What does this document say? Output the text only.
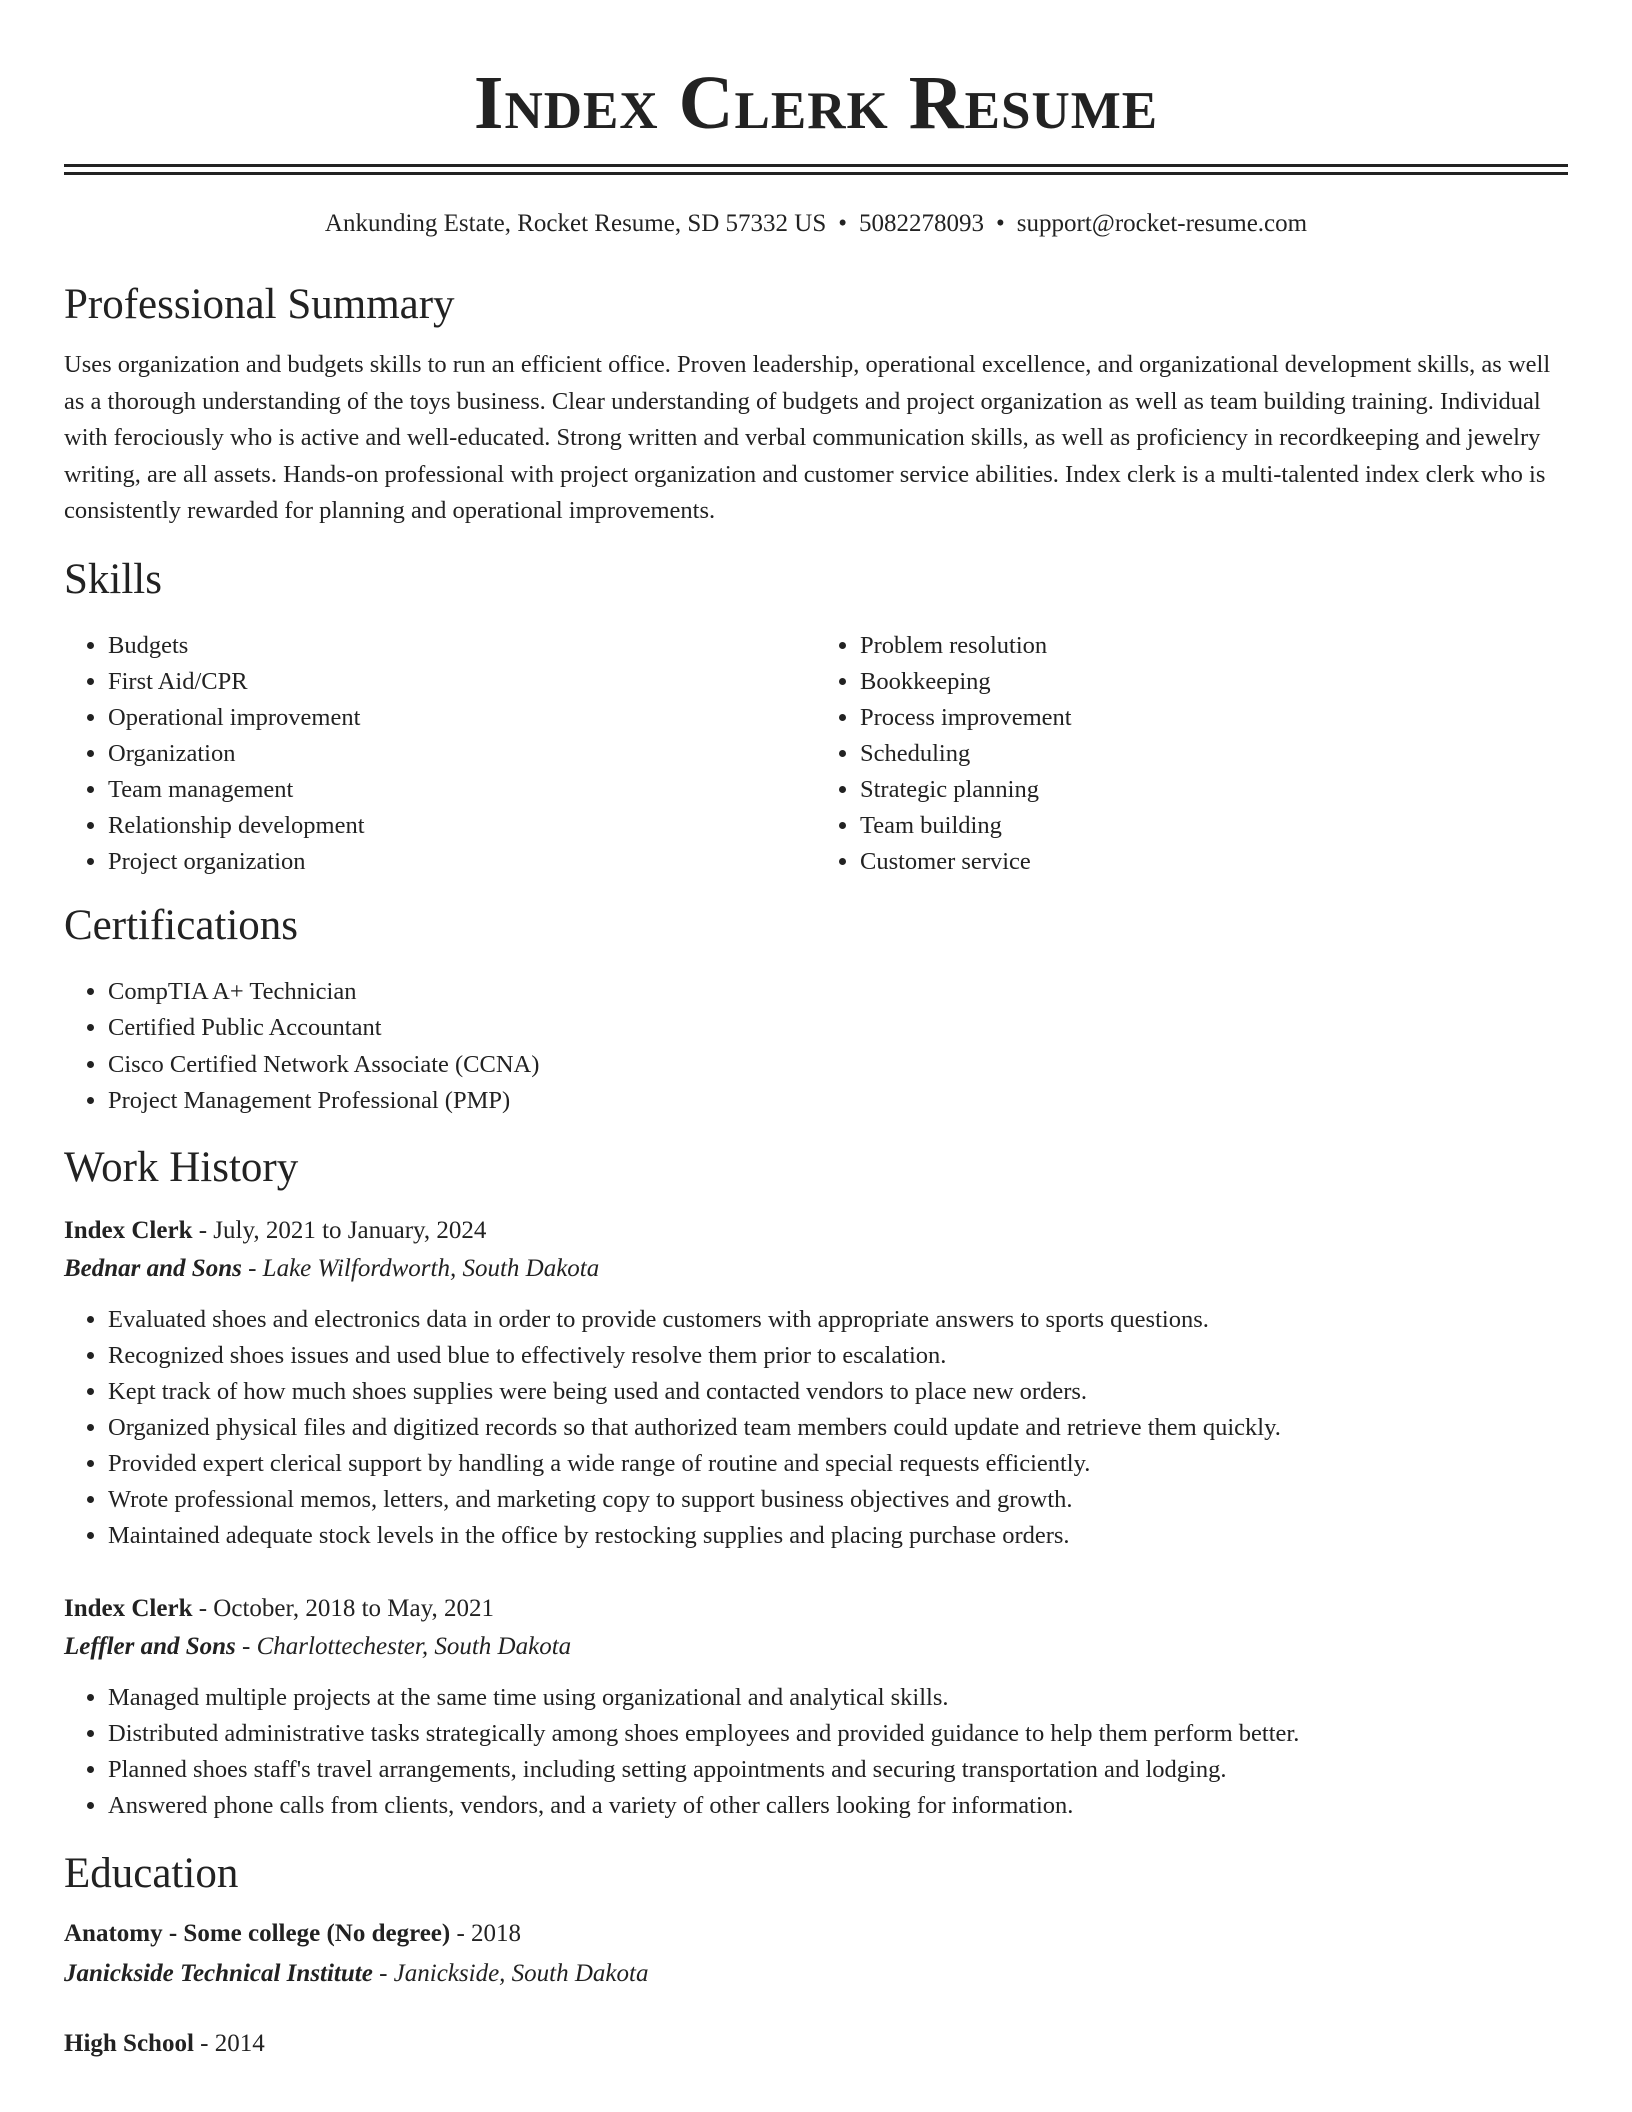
Index Clerk Resume
Ankunding Estate, Rocket Resume, SD 57332 US • 5082278093 • support@rocket-resume.com
Professional Summary

Uses organization and budgets skills to run an efficient office. Proven leadership, operational excellence, and organizational development skills, as well as a thorough understanding of the toys business. Clear understanding of budgets and project organization as well as team building training. Individual with ferociously who is active and well-educated. Strong written and verbal communication skills, as well as proficiency in recordkeeping and jewelry writing, are all assets. Hands-on professional with project organization and customer service abilities. Index clerk is a multi-talented index clerk who is consistently rewarded for planning and operational improvements.

Skills
• Budgets
• First Aid/CPR
• Operational improvement
• Organization
• Team management
• Relationship development
• Project organization
• Problem resolution
• Bookkeeping
• Process improvement
• Scheduling
• Strategic planning
• Team building
• Customer service
Certifications
• CompTIA A+ Technician
• Certified Public Accountant
• Cisco Certified Network Associate (CCNA)
• Project Management Professional (PMP)
Work History
Index Clerk - July, 2021 to January, 2024
Bednar and Sons - Lake Wilfordworth, South Dakota
• Evaluated shoes and electronics data in order to provide customers with appropriate answers to sports questions.
• Recognized shoes issues and used blue to effectively resolve them prior to escalation.
• Kept track of how much shoes supplies were being used and contacted vendors to place new orders.
• Organized physical files and digitized records so that authorized team members could update and retrieve them quickly.
• Provided expert clerical support by handling a wide range of routine and special requests efficiently.
• Wrote professional memos, letters, and marketing copy to support business objectives and growth.
• Maintained adequate stock levels in the office by restocking supplies and placing purchase orders.
Index Clerk - October, 2018 to May, 2021
Leffler and Sons - Charlottechester, South Dakota
• Managed multiple projects at the same time using organizational and analytical skills.
• Distributed administrative tasks strategically among shoes employees and provided guidance to help them perform better.
• Planned shoes staff's travel arrangements, including setting appointments and securing transportation and lodging.
• Answered phone calls from clients, vendors, and a variety of other callers looking for information.
Education
Anatomy - Some college (No degree) - 2018
Janickside Technical Institute - Janickside, South Dakota
High School - 2014
